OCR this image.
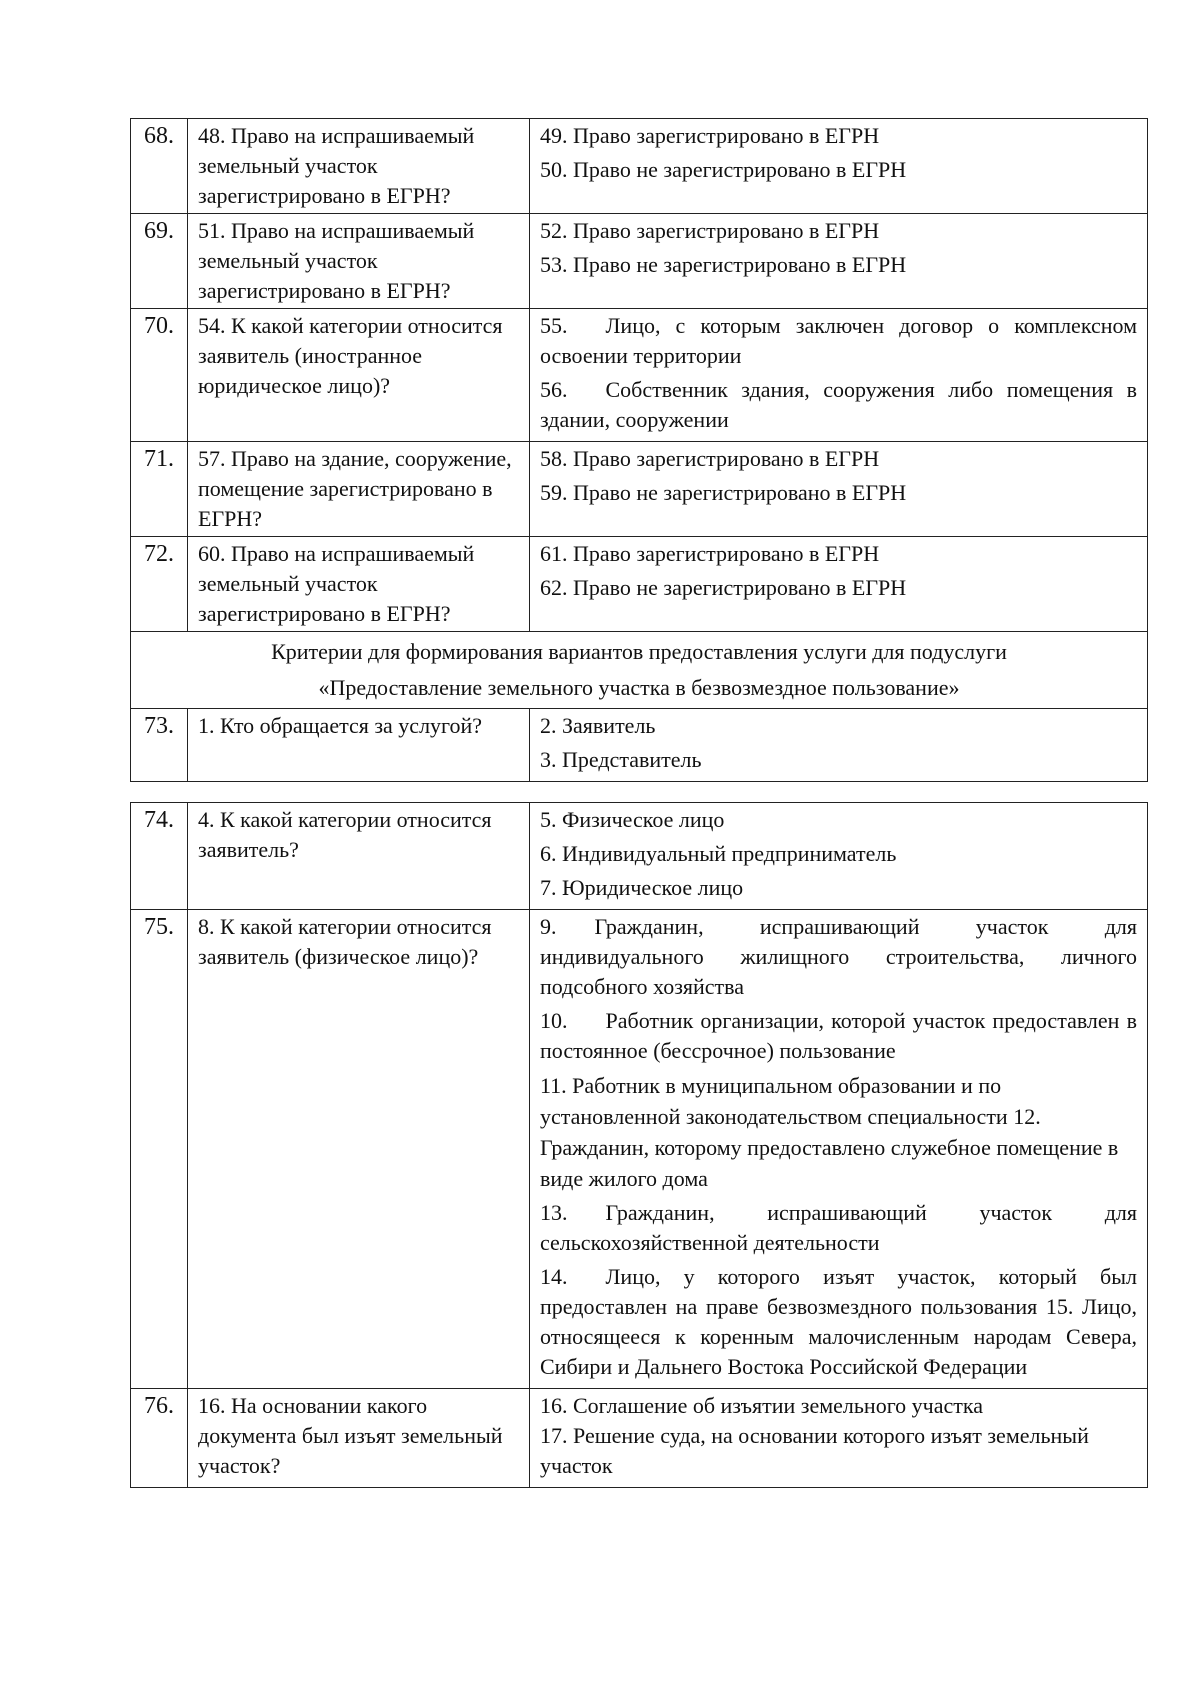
68.	48. Право на испрашиваемый земельный участок зарегистрировано в ЕГРН?	49. Право зарегистрировано в ЕГРН

50. Право не зарегистрировано в ЕГРН

69.	51. Право на испрашиваемый земельный участок зарегистрировано в ЕГРН?	52. Право зарегистрировано в ЕГРН

53. Право не зарегистрировано в ЕГРН

70.	54. К какой категории относится заявитель (иностранное юридическое лицо)?	55. Лицо, с которым заключен договор о комплексном освоении территории

56. Собственник здания, сооружения либо помещения в здании, сооружении

71.	57. Право на здание, сооружение, помещение зарегистрировано в ЕГРН?	58. Право зарегистрировано в ЕГРН

59. Право не зарегистрировано в ЕГРН

72.	60. Право на испрашиваемый земельный участок зарегистрировано в ЕГРН?	61. Право зарегистрировано в ЕГРН

62. Право не зарегистрировано в ЕГРН

Критерии для формирования вариантов предоставления услуги для подуслуги
«Предоставление земельного участка в безвозмездное пользование»		

73.	1. Кто обращается за услугой?	2. Заявитель

3. Представитель

74.	4. К какой категории относится заявитель?	5. Физическое лицо

6. Индивидуальный предприниматель

7. Юридическое лицо

75.	8. К какой категории относится заявитель (физическое лицо)?	9. Гражданин, испрашивающий участок для индивидуального жилищного строительства, личного подсобного хозяйства

10. Работник организации, которой участок предоставлен в постоянное (бессрочное) пользование

11. Работник в муниципальном образовании и по установленной законодательством специальности 12. Гражданин, которому предоставлено служебное помещение в виде жилого дома

13. Гражданин, испрашивающий участок для сельскохозяйственной деятельности

14. Лицо, у которого изъят участок, который был предоставлен на праве безвозмездного пользования 15. Лицо, относящееся к коренным малочисленным народам Севера, Сибири и Дальнего Востока Российской Федерации

76.	16. На основании какого документа был изъят земельный участок?	16. Соглашение об изъятии земельного участка

17. Решение суда, на основании которого изъят земельный участок
